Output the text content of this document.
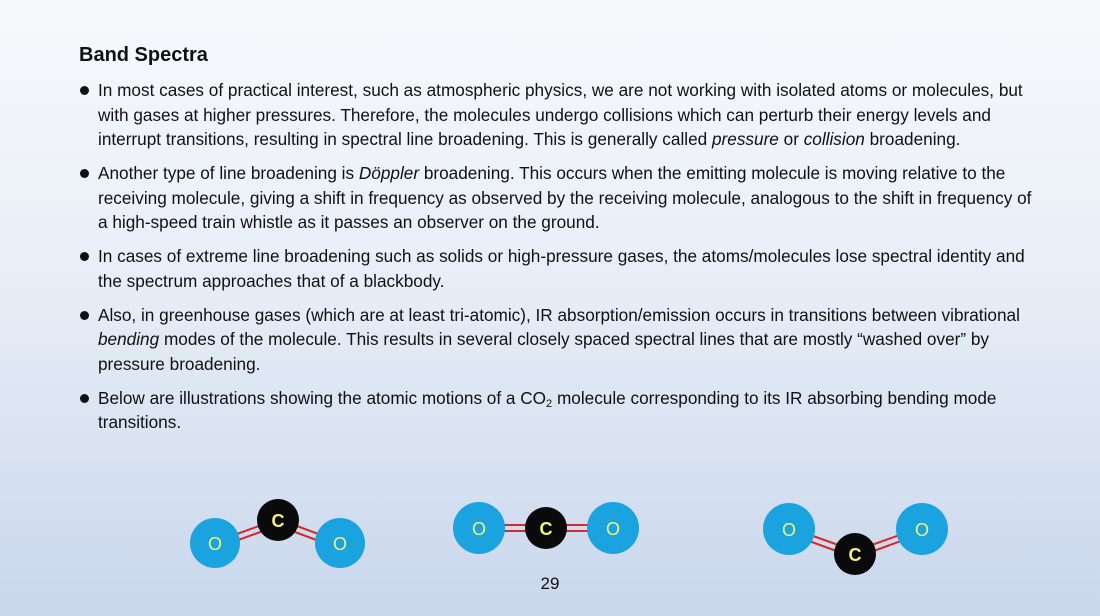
Band Spectra

In most cases of practical interest, such as atmospheric physics, we are not working with isolated atoms or molecules, but with gases at higher pressures. Therefore, the molecules undergo collisions which can perturb their energy levels and interrupt transitions, resulting in spectral line broadening. This is generally called pressure or collision broadening.

Another type of line broadening is Döppler broadening. This occurs when the emitting molecule is moving relative to the receiving molecule, giving a shift in frequency as observed by the receiving molecule, analogous to the shift in frequency of a high-speed train whistle as it passes an observer on the ground.

In cases of extreme line broadening such as solids or high-pressure gases, the atoms/molecules lose spectral identity and the spectrum approaches that of a blackbody.

Also, in greenhouse gases (which are at least tri-atomic), IR absorption/emission occurs in transitions between vibrational bending modes of the molecule. This results in several closely spaced spectral lines that are mostly “washed over” by pressure broadening.

Below are illustrations showing the atomic motions of a $CO_2$ molecule corresponding to its IR absorbing bending mode transitions.

O
C
O
O	C	O	O
C
O
29
